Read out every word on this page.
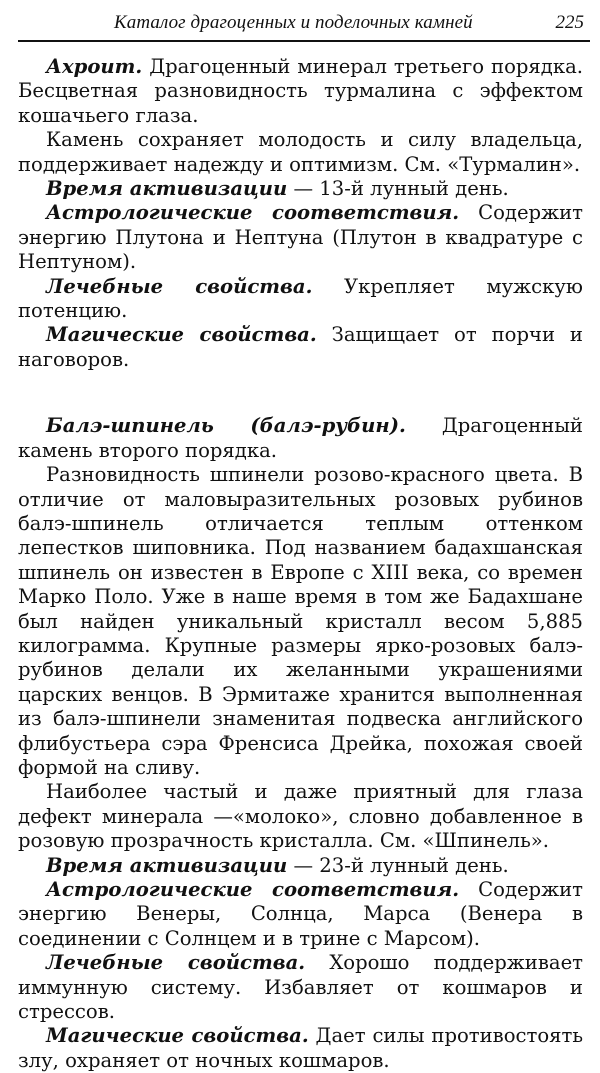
Каталог драгоценных и поделочных камней	225

Ахроит. Драгоценный минерал третьего порядка. Бесцветная разновидность турмалина с эффектом кошачьего глаза.

Камень сохраняет молодость и силу владельца, поддерживает надежду и оптимизм. См. «Турмалин».

Время активизации — 13-й лунный день.

Астрологические соответствия. Содержит энергию Плутона и Нептуна (Плутон в квадратуре с Нептуном).

Лечебные свойства. Укрепляет мужскую потенцию.

Магические свойства. Защищает от порчи и наговоров.

Балэ-шпинель (балэ-рубин). Драгоценный камень второго порядка.

Разновидность шпинели розово-красного цвета. В отличие от маловыразительных розовых рубинов балэ-шпинель отличается теплым оттенком лепестков шиповника. Под названием бадахшанская шпинель он известен в Европе с XIII века, со времен Марко Поло. Уже в наше время в том же Бадахшане был найден уникальный кристалл весом 5,885 килограмма. Крупные размеры ярко-розовых балэ-рубинов делали их желанными украшениями царских венцов. В Эрмитаже хранится выполненная из балэ-шпинели знаменитая подвеска английского флибустьера сэра Френсиса Дрейка, похожая своей формой на сливу.

Наиболее частый и даже приятный для глаза дефект минерала —«молоко», словно добавленное в розовую прозрачность кристалла. См. «Шпинель».

Время активизации — 23-й лунный день.

Астрологические соответствия. Содержит энергию Венеры, Солнца, Марса (Венера в соединении с Солнцем и в трине с Марсом).

Лечебные свойства. Хорошо поддерживает иммунную систему. Избавляет от кошмаров и стрессов.

Магические свойства. Дает силы противостоять злу, охраняет от ночных кошмаров.
